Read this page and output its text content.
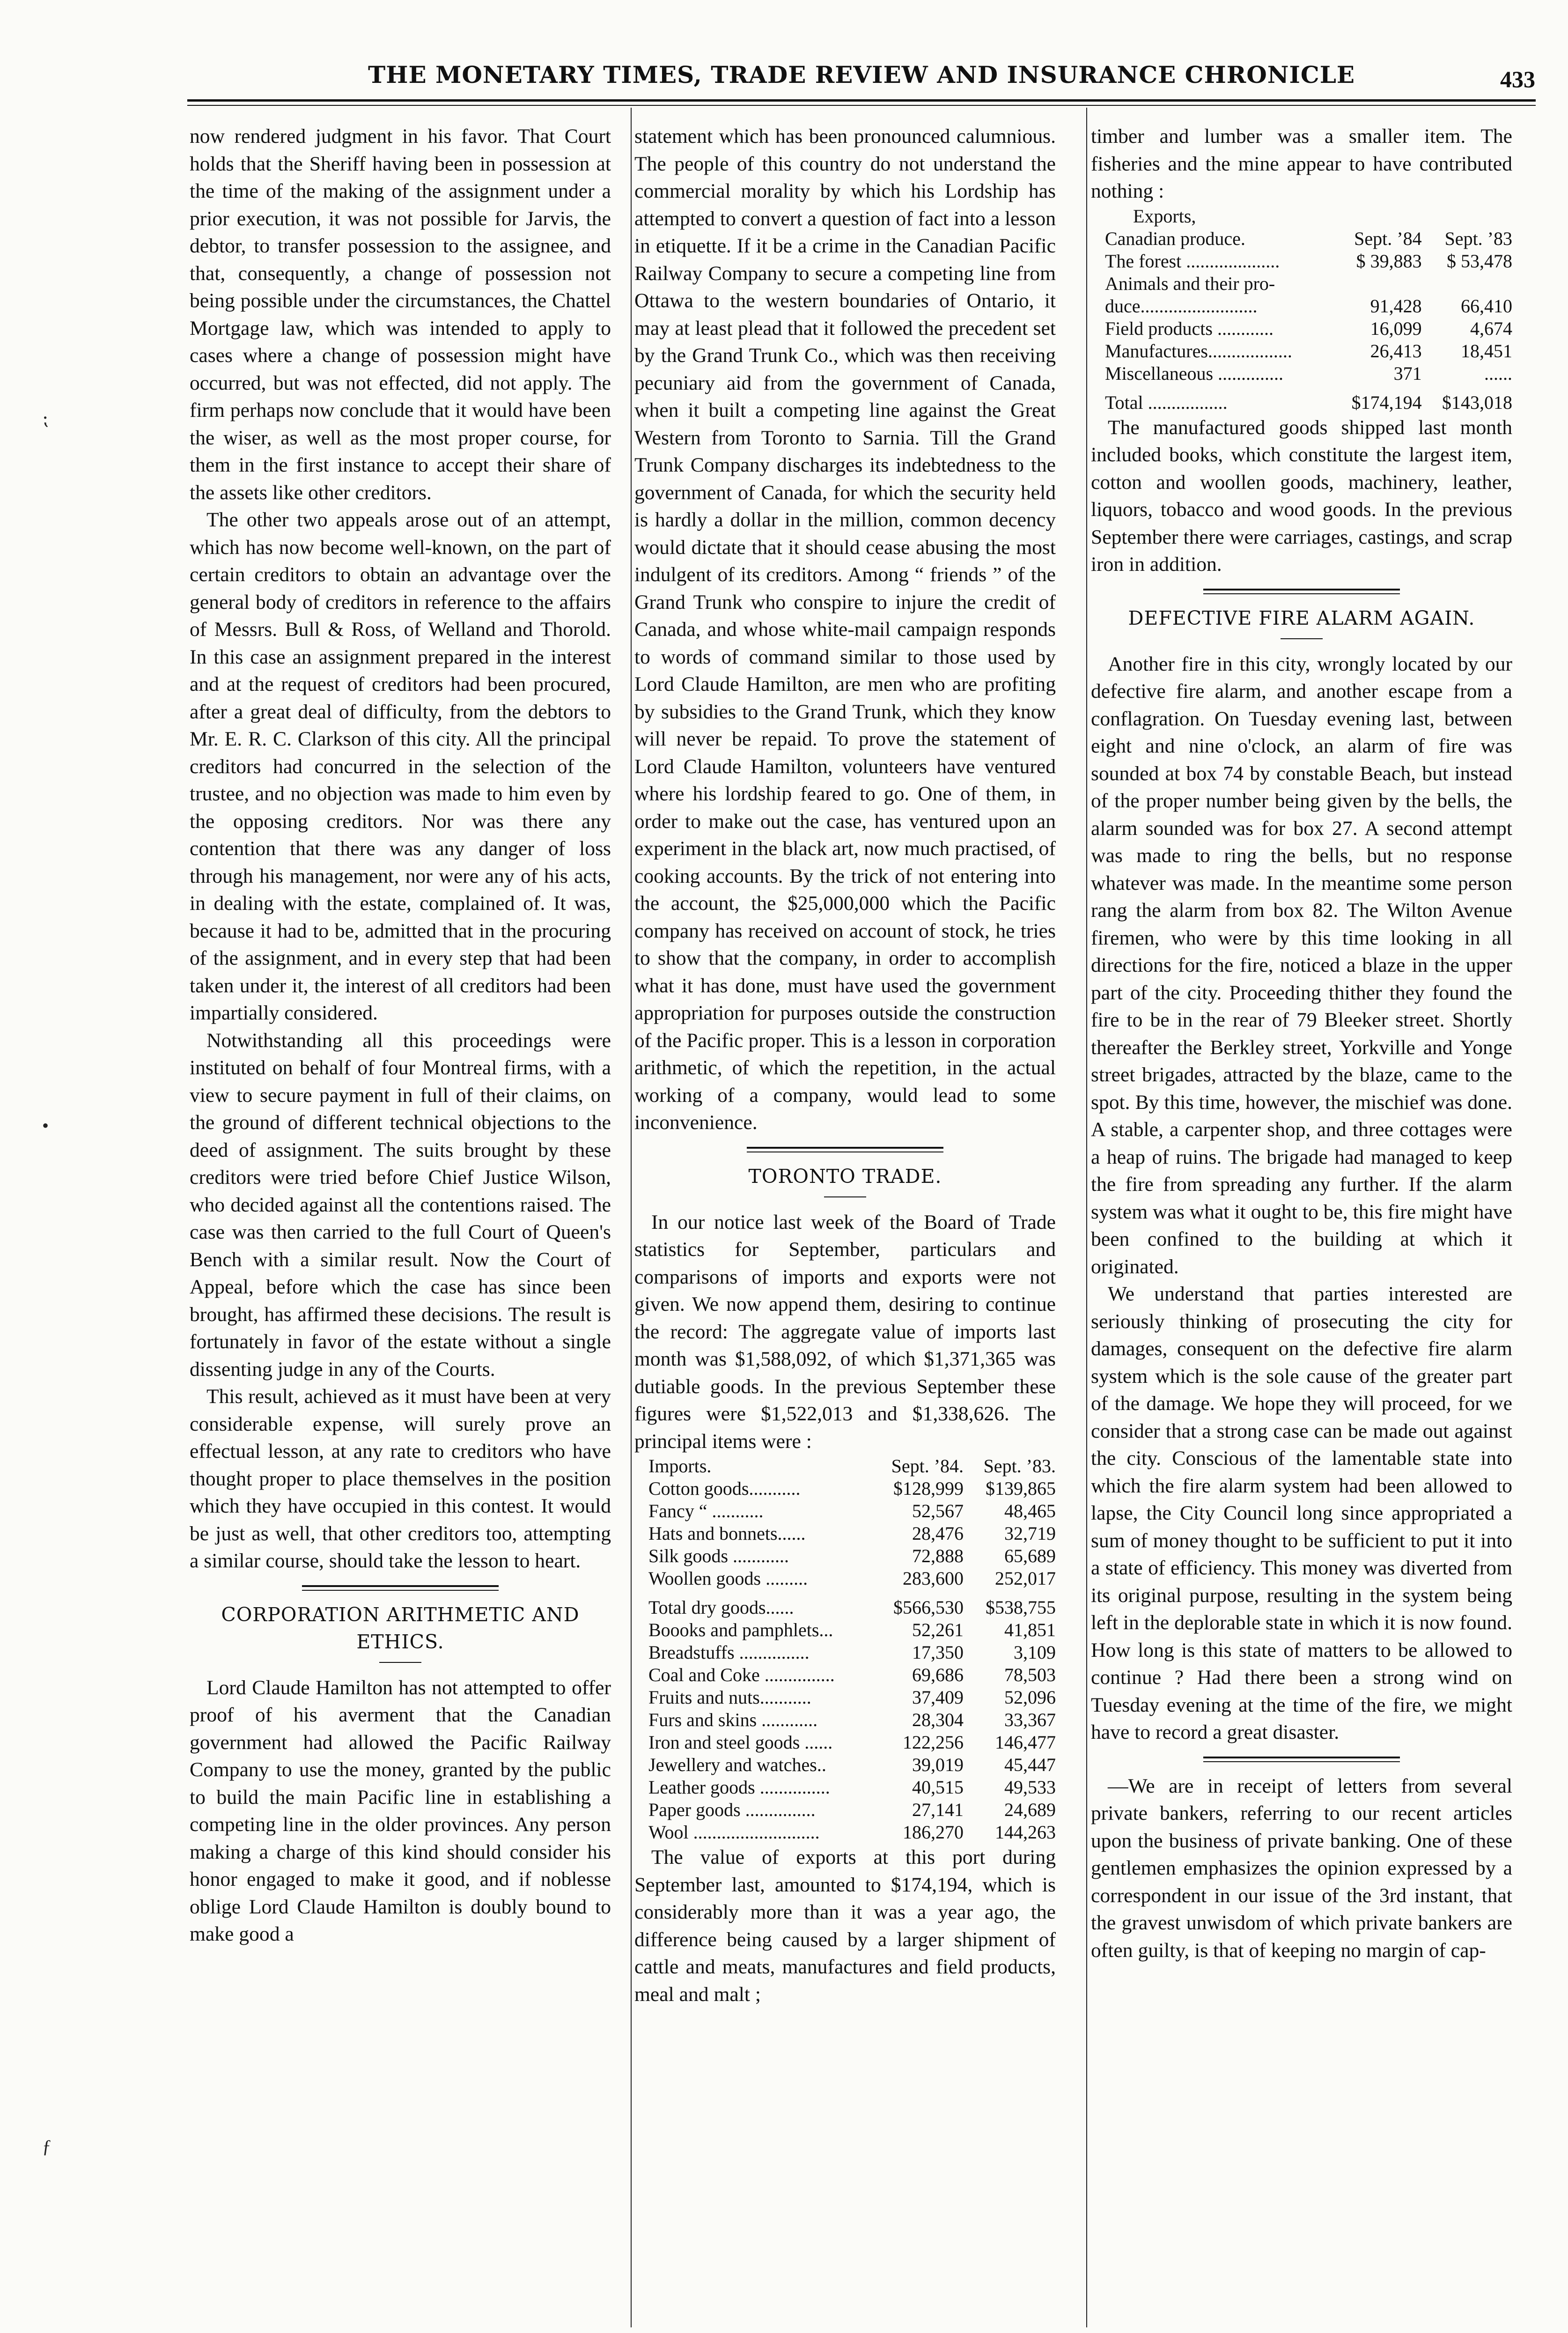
THE MONETARY TIMES, TRADE REVIEW AND INSURANCE CHRONICLE	433
⁏
•
ƒ

now rendered judgment in his favor. That Court holds that the Sheriff having been in possession at the time of the making of the assignment under a prior execution, it was not possible for Jarvis, the debtor, to transfer possession to the assignee, and that, consequently, a change of possession not being possible under the circumstances, the Chattel Mortgage law, which was intended to apply to cases where a change of possession might have occurred, but was not effected, did not apply. The firm perhaps now conclude that it would have been the wiser, as well as the most proper course, for them in the first instance to accept their share of the assets like other creditors.

The other two appeals arose out of an attempt, which has now become well-known, on the part of certain creditors to obtain an advantage over the general body of creditors in reference to the affairs of Messrs. Bull & Ross, of Welland and Thorold. In this case an assignment prepared in the interest and at the request of creditors had been procured, after a great deal of difficulty, from the debtors to Mr. E. R. C. Clarkson of this city. All the principal creditors had concurred in the selection of the trustee, and no objection was made to him even by the opposing creditors. Nor was there any contention that there was any danger of loss through his management, nor were any of his acts, in dealing with the estate, complained of. It was, because it had to be, admitted that in the procuring of the assignment, and in every step that had been taken under it, the interest of all creditors had been impartially considered.

Notwithstanding all this proceedings were instituted on behalf of four Montreal firms, with a view to secure payment in full of their claims, on the ground of different technical objections to the deed of assignment. The suits brought by these creditors were tried before Chief Justice Wilson, who decided against all the contentions raised. The case was then carried to the full Court of Queen's Bench with a similar result. Now the Court of Appeal, before which the case has since been brought, has affirmed these decisions. The result is fortunately in favor of the estate without a single dissenting judge in any of the Courts.

This result, achieved as it must have been at very considerable expense, will surely prove an effectual lesson, at any rate to creditors who have thought proper to place themselves in the position which they have occupied in this contest. It would be just as well, that other creditors too, attempting a similar course, should take the lesson to heart.

CORPORATION ARITHMETIC AND ETHICS.

Lord Claude Hamilton has not attempted to offer proof of his averment that the Canadian government had allowed the Pacific Railway Company to use the money, granted by the public to build the main Pacific line in establishing a competing line in the older provinces. Any person making a charge of this kind should consider his honor engaged to make it good, and if noblesse oblige Lord Claude Hamilton is doubly bound to make good a

statement which has been pronounced calumnious. The people of this country do not understand the commercial morality by which his Lordship has attempted to convert a question of fact into a lesson in etiquette. If it be a crime in the Canadian Pacific Railway Company to secure a competing line from Ottawa to the western boundaries of Ontario, it may at least plead that it followed the precedent set by the Grand Trunk Co., which was then receiving pecuniary aid from the government of Canada, when it built a competing line against the Great Western from Toronto to Sarnia. Till the Grand Trunk Company discharges its indebtedness to the government of Canada, for which the security held is hardly a dollar in the million, common decency would dictate that it should cease abusing the most indulgent of its creditors. Among “ friends ” of the Grand Trunk who conspire to injure the credit of Canada, and whose white-mail campaign responds to words of command similar to those used by Lord Claude Hamilton, are men who are profiting by subsidies to the Grand Trunk, which they know will never be repaid. To prove the statement of Lord Claude Hamilton, volunteers have ventured where his lordship feared to go. One of them, in order to make out the case, has ventured upon an experiment in the black art, now much practised, of cooking accounts. By the trick of not entering into the account, the $25,000,000 which the Pacific company has received on account of stock, he tries to show that the company, in order to accomplish what it has done, must have used the government appropriation for purposes outside the construction of the Pacific proper. This is a lesson in corporation arithmetic, of which the repetition, in the actual working of a company, would lead to some inconvenience.

TORONTO TRADE.

In our notice last week of the Board of Trade statistics for September, particulars and comparisons of imports and exports were not given. We now append them, desiring to continue the record: The aggregate value of imports last month was $1,588,092, of which $1,371,365 was dutiable goods. In the previous September these figures were $1,522,013 and $1,338,626. The principal items were :

Imports.	Sept. ’84.	Sept. ’83.
Cotton goods...........	$128,999	$139,865
Fancy “ ...........	52,567	48,465
Hats and bonnets......	28,476	32,719
Silk goods ............	72,888	65,689
Woollen goods .........	283,600	252,017
Total dry goods......	$566,530	$538,755
Boooks and pamphlets...	52,261	41,851
Breadstuffs ...............	17,350	3,109
Coal and Coke ...............	69,686	78,503
Fruits and nuts...........	37,409	52,096
Furs and skins ............	28,304	33,367
Iron and steel goods ......	122,256	146,477
Jewellery and watches..	39,019	45,447
Leather goods ...............	40,515	49,533
Paper goods ...............	27,141	24,689
Wool ...........................	186,270	144,263

The value of exports at this port during September last, amounted to $174,194, which is considerably more than it was a year ago, the difference being caused by a larger shipment of cattle and meats, manufactures and field products, meal and malt ;

timber and lumber was a smaller item. The fisheries and the mine appear to have contributed nothing :

Exports,		
Canadian produce.	Sept. ’84	Sept. ’83
The forest ....................	$ 39,883	$ 53,478
Animals and their pro-		
duce.........................	91,428	66,410
Field products ............	16,099	4,674
Manufactures..................	26,413	18,451
Miscellaneous ..............	371	......
Total .................	$174,194	$143,018

The manufactured goods shipped last month included books, which constitute the largest item, cotton and woollen goods, machinery, leather, liquors, tobacco and wood goods. In the previous September there were carriages, castings, and scrap iron in addition.

DEFECTIVE FIRE ALARM AGAIN.

Another fire in this city, wrongly located by our defective fire alarm, and another escape from a conflagration. On Tuesday evening last, between eight and nine o'clock, an alarm of fire was sounded at box 74 by constable Beach, but instead of the proper number being given by the bells, the alarm sounded was for box 27. A second attempt was made to ring the bells, but no response whatever was made. In the meantime some person rang the alarm from box 82. The Wilton Avenue firemen, who were by this time looking in all directions for the fire, noticed a blaze in the upper part of the city. Proceeding thither they found the fire to be in the rear of 79 Bleeker street. Shortly thereafter the Berkley street, Yorkville and Yonge street brigades, attracted by the blaze, came to the spot. By this time, however, the mischief was done. A stable, a carpenter shop, and three cottages were a heap of ruins. The brigade had managed to keep the fire from spreading any further. If the alarm system was what it ought to be, this fire might have been confined to the building at which it originated.

We understand that parties interested are seriously thinking of prosecuting the city for damages, consequent on the defective fire alarm system which is the sole cause of the greater part of the damage. We hope they will proceed, for we consider that a strong case can be made out against the city. Conscious of the lamentable state into which the fire alarm system had been allowed to lapse, the City Council long since appropriated a sum of money thought to be sufficient to put it into a state of efficiency. This money was diverted from its original purpose, resulting in the system being left in the deplorable state in which it is now found. How long is this state of matters to be allowed to continue ? Had there been a strong wind on Tuesday evening at the time of the fire, we might have to record a great disaster.

—We are in receipt of letters from several private bankers, referring to our recent articles upon the business of private banking. One of these gentlemen emphasizes the opinion expressed by a correspondent in our issue of the 3rd instant, that the gravest unwisdom of which private bankers are often guilty, is that of keeping no margin of cap-
